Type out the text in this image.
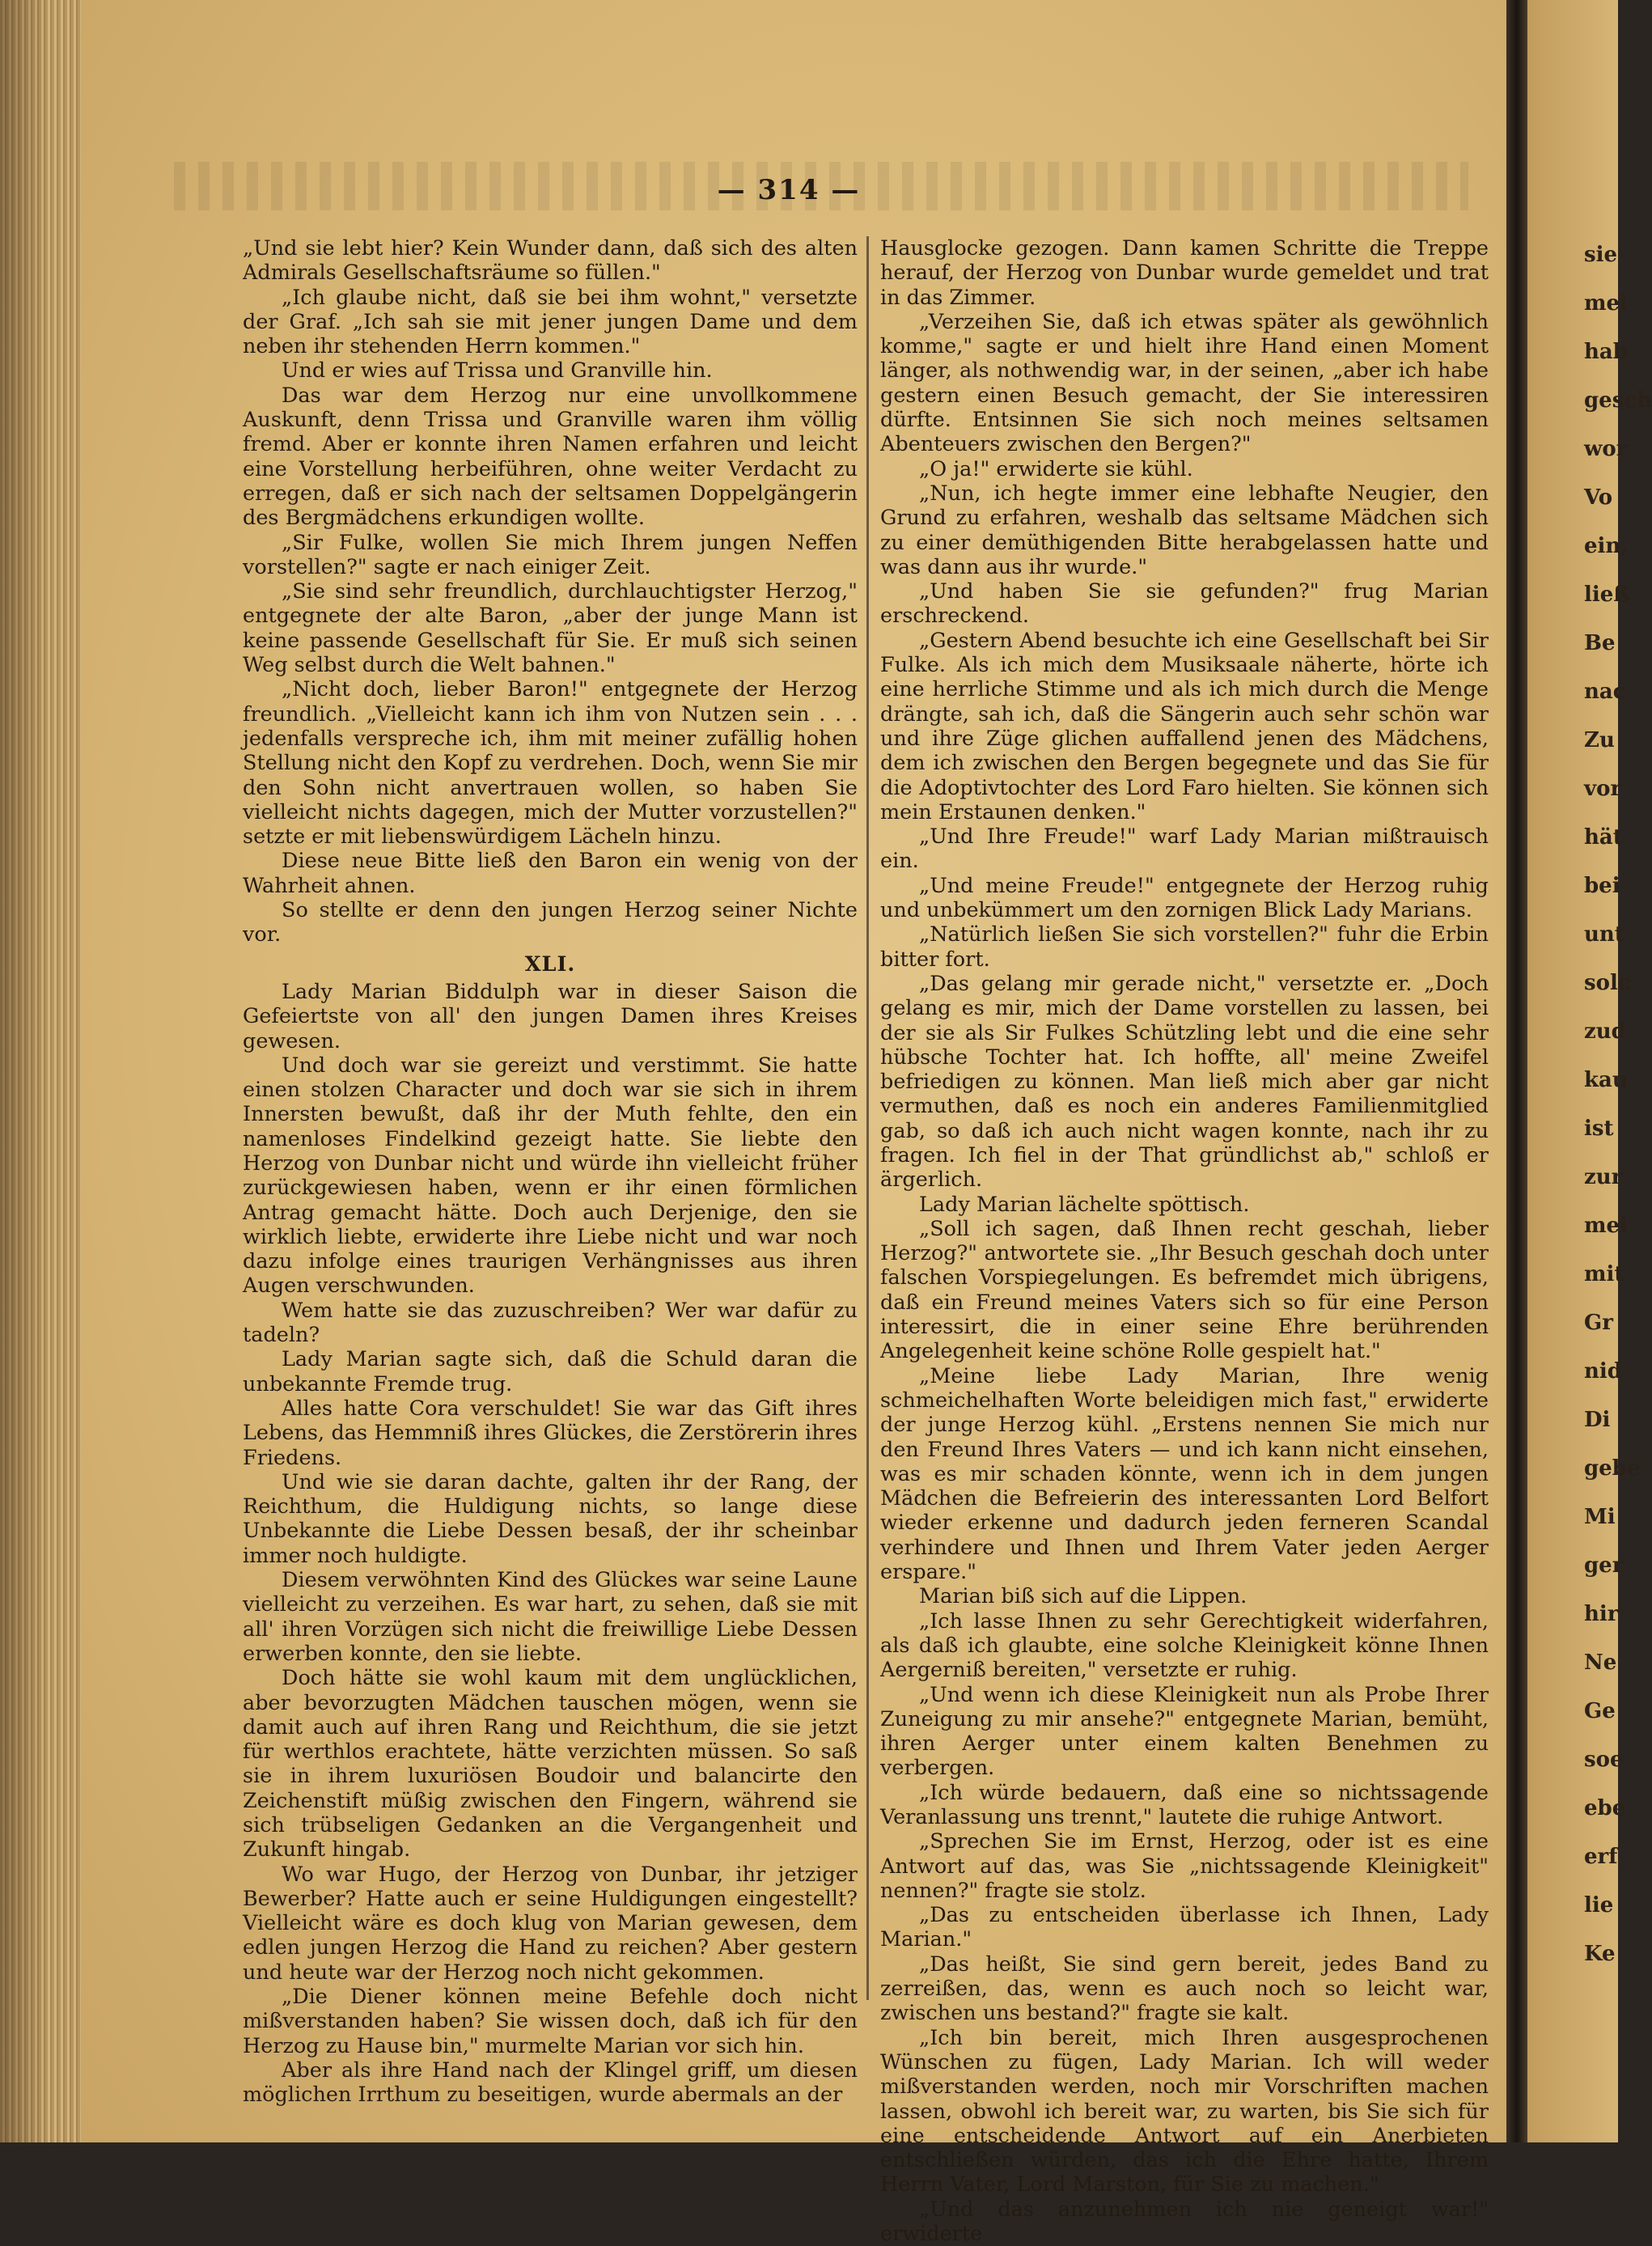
sie
mei
hab
gesch
wor
Vo
ein,
ließ
Be
nac
Zu
vor
hät
bei
unt
solc
zud
kau
ist
zur
mei
mit
Gr
nid
Di
gebe
Mi
ger
hir
Ne
Ge
soe
ebe
erf
lie
Ke
— 314 —

„Und sie lebt hier? Kein Wunder dann, daß sich des alten Admirals Gesellschaftsräume so füllen."

„Ich glaube nicht, daß sie bei ihm wohnt," versetzte der Graf. „Ich sah sie mit jener jungen Dame und dem neben ihr stehenden Herrn kommen."

Und er wies auf Trissa und Granville hin.

Das war dem Herzog nur eine unvollkommene Auskunft, denn Trissa und Granville waren ihm völlig fremd. Aber er konnte ihren Namen erfahren und leicht eine Vorstellung herbeiführen, ohne weiter Verdacht zu erregen, daß er sich nach der seltsamen Doppelgängerin des Bergmädchens erkundigen wollte.

„Sir Fulke, wollen Sie mich Ihrem jungen Neffen vorstellen?" sagte er nach einiger Zeit.

„Sie sind sehr freundlich, durchlauchtigster Herzog," entgegnete der alte Baron, „aber der junge Mann ist keine passende Gesellschaft für Sie. Er muß sich seinen Weg selbst durch die Welt bahnen."

„Nicht doch, lieber Baron!" entgegnete der Herzog freundlich. „Vielleicht kann ich ihm von Nutzen sein . . . jedenfalls verspreche ich, ihm mit meiner zufällig hohen Stellung nicht den Kopf zu verdrehen. Doch, wenn Sie mir den Sohn nicht anvertrauen wollen, so haben Sie vielleicht nichts dagegen, mich der Mutter vorzustellen?" setzte er mit liebenswürdigem Lächeln hinzu.

Diese neue Bitte ließ den Baron ein wenig von der Wahrheit ahnen.

So stellte er denn den jungen Herzog seiner Nichte vor.

XLI.

Lady Marian Biddulph war in dieser Saison die Gefeiertste von all' den jungen Damen ihres Kreises gewesen.

Und doch war sie gereizt und verstimmt. Sie hatte einen stolzen Character und doch war sie sich in ihrem Innersten bewußt, daß ihr der Muth fehlte, den ein namenloses Findelkind gezeigt hatte. Sie liebte den Herzog von Dunbar nicht und würde ihn vielleicht früher zurückgewiesen haben, wenn er ihr einen förmlichen Antrag gemacht hätte. Doch auch Derjenige, den sie wirklich liebte, erwiderte ihre Liebe nicht und war noch dazu infolge eines traurigen Verhängnisses aus ihren Augen verschwunden.

Wem hatte sie das zuzuschreiben? Wer war dafür zu tadeln?

Lady Marian sagte sich, daß die Schuld daran die unbekannte Fremde trug.

Alles hatte Cora verschuldet! Sie war das Gift ihres Lebens, das Hemmniß ihres Glückes, die Zerstörerin ihres Friedens.

Und wie sie daran dachte, galten ihr der Rang, der Reichthum, die Huldigung nichts, so lange diese Unbekannte die Liebe Dessen besaß, der ihr scheinbar immer noch huldigte.

Diesem verwöhnten Kind des Glückes war seine Laune vielleicht zu verzeihen. Es war hart, zu sehen, daß sie mit all' ihren Vorzügen sich nicht die freiwillige Liebe Dessen erwerben konnte, den sie liebte.

Doch hätte sie wohl kaum mit dem unglücklichen, aber bevorzugten Mädchen tauschen mögen, wenn sie damit auch auf ihren Rang und Reichthum, die sie jetzt für werthlos erachtete, hätte verzichten müssen. So saß sie in ihrem luxuriösen Boudoir und balancirte den Zeichenstift müßig zwischen den Fingern, während sie sich trübseligen Gedanken an die Vergangenheit und Zukunft hingab.

Wo war Hugo, der Herzog von Dunbar, ihr jetziger Bewerber? Hatte auch er seine Huldigungen eingestellt? Vielleicht wäre es doch klug von Marian gewesen, dem edlen jungen Herzog die Hand zu reichen? Aber gestern und heute war der Herzog noch nicht gekommen.

„Die Diener können meine Befehle doch nicht mißverstanden haben? Sie wissen doch, daß ich für den Herzog zu Hause bin," murmelte Marian vor sich hin.

Aber als ihre Hand nach der Klingel griff, um diesen möglichen Irrthum zu beseitigen, wurde abermals an der

Hausglocke gezogen. Dann kamen Schritte die Treppe herauf, der Herzog von Dunbar wurde gemeldet und trat in das Zimmer.

„Verzeihen Sie, daß ich etwas später als gewöhnlich komme," sagte er und hielt ihre Hand einen Moment länger, als nothwendig war, in der seinen, „aber ich habe gestern einen Besuch gemacht, der Sie interessiren dürfte. Entsinnen Sie sich noch meines seltsamen Abenteuers zwischen den Bergen?"

„O ja!" erwiderte sie kühl.

„Nun, ich hegte immer eine lebhafte Neugier, den Grund zu erfahren, weshalb das seltsame Mädchen sich zu einer demüthigenden Bitte herabgelassen hatte und was dann aus ihr wurde."

„Und haben Sie sie gefunden?" frug Marian erschreckend.

„Gestern Abend besuchte ich eine Gesellschaft bei Sir Fulke. Als ich mich dem Musiksaale näherte, hörte ich eine herrliche Stimme und als ich mich durch die Menge drängte, sah ich, daß die Sängerin auch sehr schön war und ihre Züge glichen auffallend jenen des Mädchens, dem ich zwischen den Bergen begegnete und das Sie für die Adoptivtochter des Lord Faro hielten. Sie können sich mein Erstaunen denken."

„Und Ihre Freude!" warf Lady Marian mißtrauisch ein.

„Und meine Freude!" entgegnete der Herzog ruhig und unbekümmert um den zornigen Blick Lady Marians.

„Natürlich ließen Sie sich vorstellen?" fuhr die Erbin bitter fort.

„Das gelang mir gerade nicht," versetzte er. „Doch gelang es mir, mich der Dame vorstellen zu lassen, bei der sie als Sir Fulkes Schützling lebt und die eine sehr hübsche Tochter hat. Ich hoffte, all' meine Zweifel befriedigen zu können. Man ließ mich aber gar nicht vermuthen, daß es noch ein anderes Familienmitglied gab, so daß ich auch nicht wagen konnte, nach ihr zu fragen. Ich fiel in der That gründlichst ab," schloß er ärgerlich.

Lady Marian lächelte spöttisch.

„Soll ich sagen, daß Ihnen recht geschah, lieber Herzog?" antwortete sie. „Ihr Besuch geschah doch unter falschen Vorspiegelungen. Es befremdet mich übrigens, daß ein Freund meines Vaters sich so für eine Person interessirt, die in einer seine Ehre berührenden Angelegenheit keine schöne Rolle gespielt hat."

„Meine liebe Lady Marian, Ihre wenig schmeichelhaften Worte beleidigen mich fast," erwiderte der junge Herzog kühl. „Erstens nennen Sie mich nur den Freund Ihres Vaters — und ich kann nicht einsehen, was es mir schaden könnte, wenn ich in dem jungen Mädchen die Befreierin des interessanten Lord Belfort wieder erkenne und dadurch jeden ferneren Scandal verhindere und Ihnen und Ihrem Vater jeden Aerger erspare."

Marian biß sich auf die Lippen.

„Ich lasse Ihnen zu sehr Gerechtigkeit widerfahren, als daß ich glaubte, eine solche Kleinigkeit könne Ihnen Aergerniß bereiten," versetzte er ruhig.

„Und wenn ich diese Kleinigkeit nun als Probe Ihrer Zuneigung zu mir ansehe?" entgegnete Marian, bemüht, ihren Aerger unter einem kalten Benehmen zu verbergen.

„Ich würde bedauern, daß eine so nichtssagende Veranlassung uns trennt," lautete die ruhige Antwort.

„Sprechen Sie im Ernst, Herzog, oder ist es eine Antwort auf das, was Sie „nichtssagende Kleinigkeit" nennen?" fragte sie stolz.

„Das zu entscheiden überlasse ich Ihnen, Lady Marian."

„Das heißt, Sie sind gern bereit, jedes Band zu zerreißen, das, wenn es auch noch so leicht war, zwischen uns bestand?" fragte sie kalt.

„Ich bin bereit, mich Ihren ausgesprochenen Wünschen zu fügen, Lady Marian. Ich will weder mißverstanden werden, noch mir Vorschriften machen lassen, obwohl ich bereit war, zu warten, bis Sie sich für eine entscheidende Antwort auf ein Anerbieten entschließen würden, das ich die Ehre hatte, Ihrem Herrn Vater, Lord Marston, für Sie zu machen."

„Und das anzunehmen ich nie geneigt war!" erwiderte
